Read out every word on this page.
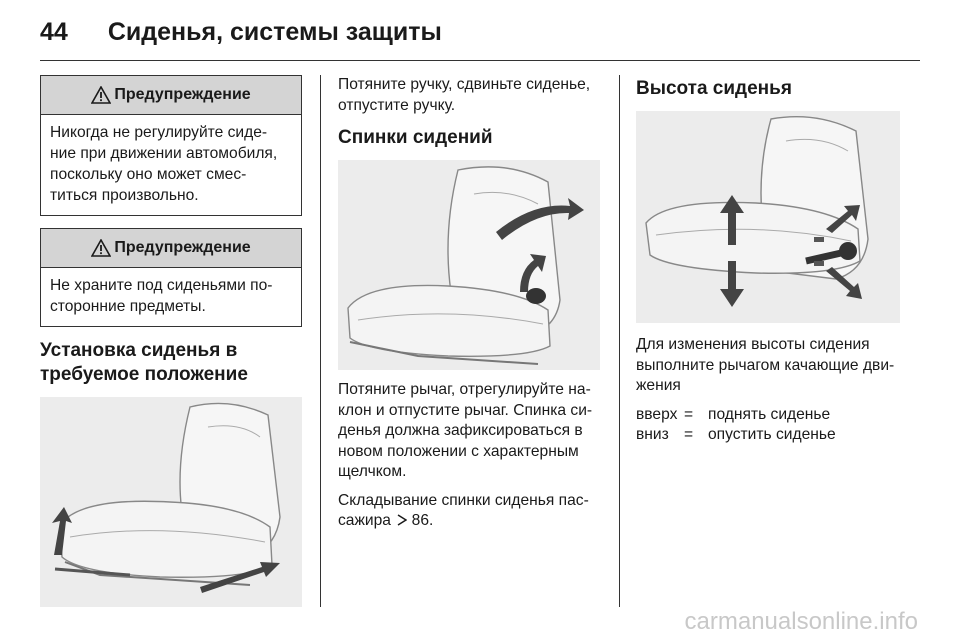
44 Сиденья, системы защиты
Предупреждение
Никогда не регулируйте сиде-ние при движении автомобиля, поскольку оно может смес-титься произвольно.
Предупреждение
Не храните под сиденьями по-сторонние предметы.
Установка сиденья в требуемое положение

Потяните ручку, сдвиньте сиденье, отпустите ручку.

Спинки сидений

Потяните рычаг, отрегулируйте на-клон и отпустите рычаг. Спинка си-денья должна зафиксироваться в новом положении с характерным щелчком.

Складывание спинки сиденья пас-сажира 86.

Высота сиденья

Для изменения высоты сидения выполните рычагом качающие дви-жения

вверх = поднять сиденье
вниз = опустить сиденье
carmanualsonline.info
